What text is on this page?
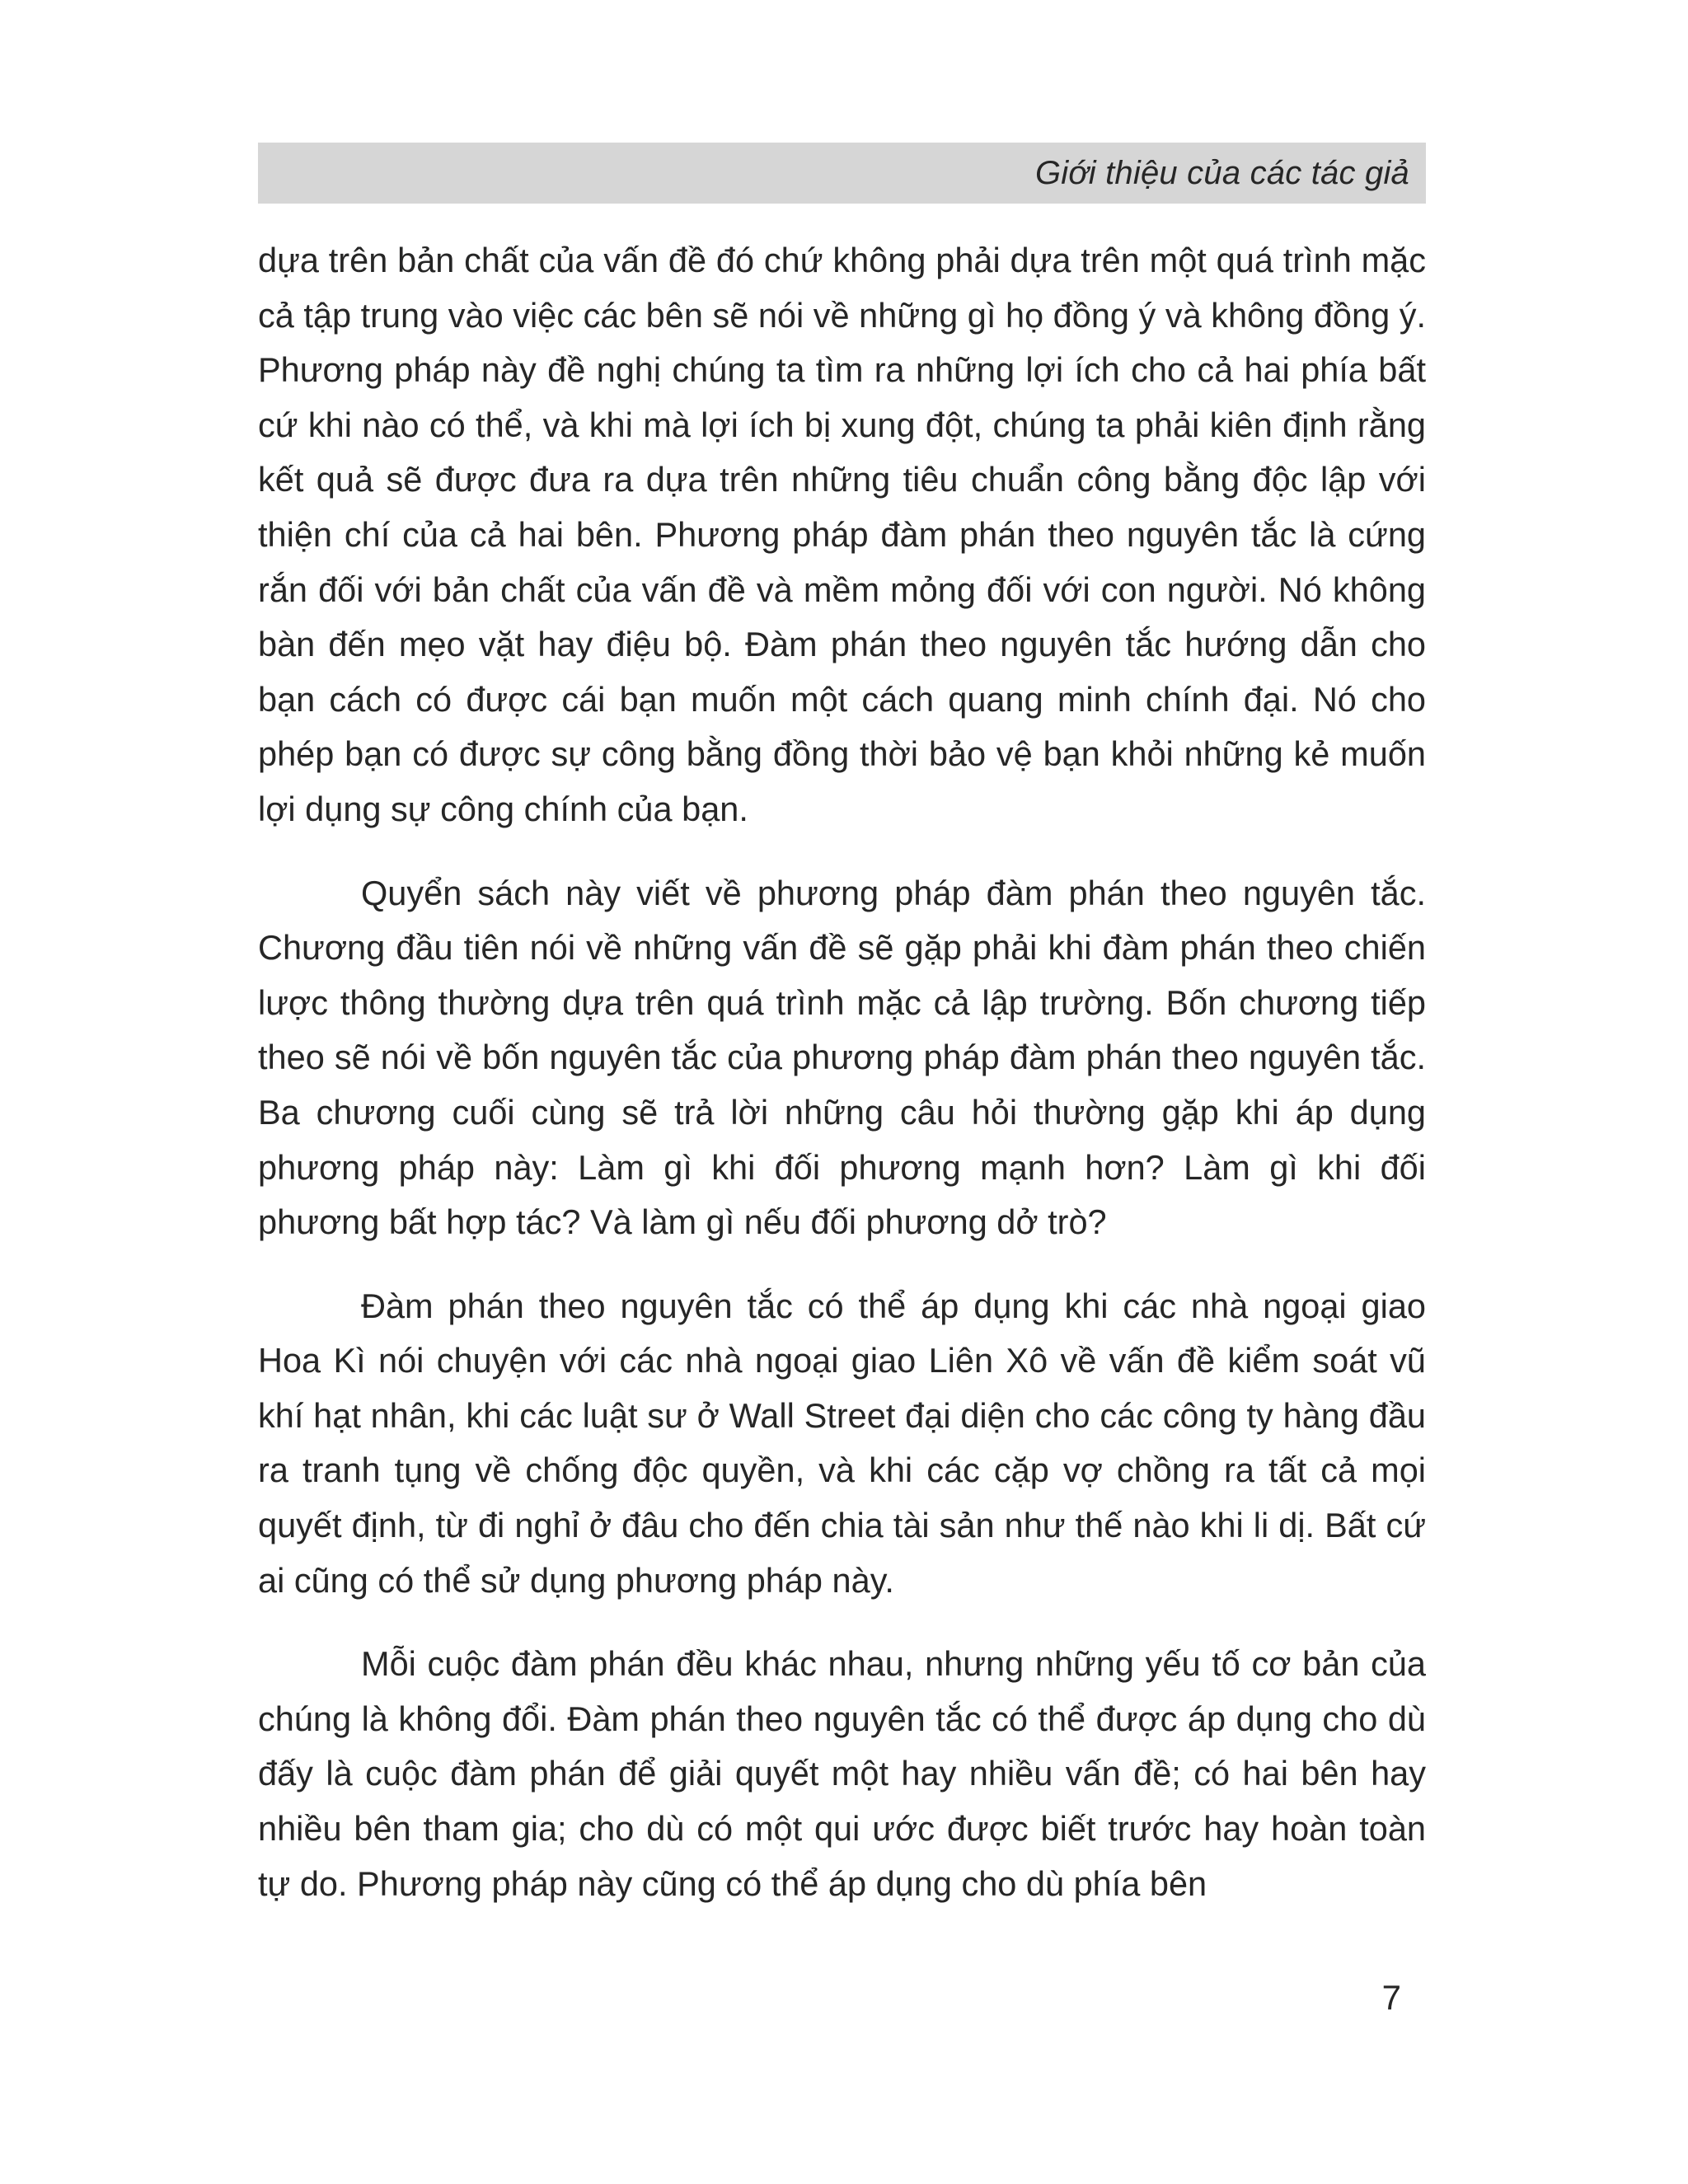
Giới thiệu của các tác giả

dựa trên bản chất của vấn đề đó chứ không phải dựa trên một quá trình mặc cả tập trung vào việc các bên sẽ nói về những gì họ đồng ý và không đồng ý. Phương pháp này đề nghị chúng ta tìm ra những lợi ích cho cả hai phía bất cứ khi nào có thể, và khi mà lợi ích bị xung đột, chúng ta phải kiên định rằng kết quả sẽ được đưa ra dựa trên những tiêu chuẩn công bằng độc lập với thiện chí của cả hai bên. Phương pháp đàm phán theo nguyên tắc là cứng rắn đối với bản chất của vấn đề và mềm mỏng đối với con người. Nó không bàn đến mẹo vặt hay điệu bộ. Đàm phán theo nguyên tắc hướng dẫn cho bạn cách có được cái bạn muốn một cách quang minh chính đại. Nó cho phép bạn có được sự công bằng đồng thời bảo vệ bạn khỏi những kẻ muốn lợi dụng sự công chính của bạn.

Quyển sách này viết về phương pháp đàm phán theo nguyên tắc. Chương đầu tiên nói về những vấn đề sẽ gặp phải khi đàm phán theo chiến lược thông thường dựa trên quá trình mặc cả lập trường. Bốn chương tiếp theo sẽ nói về bốn nguyên tắc của phương pháp đàm phán theo nguyên tắc. Ba chương cuối cùng sẽ trả lời những câu hỏi thường gặp khi áp dụng phương pháp này: Làm gì khi đối phương mạnh hơn? Làm gì khi đối phương bất hợp tác? Và làm gì nếu đối phương dở trò?

Đàm phán theo nguyên tắc có thể áp dụng khi các nhà ngoại giao Hoa Kì nói chuyện với các nhà ngoại giao Liên Xô về vấn đề kiểm soát vũ khí hạt nhân, khi các luật sư ở Wall Street đại diện cho các công ty hàng đầu ra tranh tụng về chống độc quyền, và khi các cặp vợ chồng ra tất cả mọi quyết định, từ đi nghỉ ở đâu cho đến chia tài sản như thế nào khi li dị. Bất cứ ai cũng có thể sử dụng phương pháp này.

Mỗi cuộc đàm phán đều khác nhau, nhưng những yếu tố cơ bản của chúng là không đổi. Đàm phán theo nguyên tắc có thể được áp dụng cho dù đấy là cuộc đàm phán để giải quyết một hay nhiều vấn đề; có hai bên hay nhiều bên tham gia; cho dù có một qui ước được biết trước hay hoàn toàn tự do. Phương pháp này cũng có thể áp dụng cho dù phía bên

7
